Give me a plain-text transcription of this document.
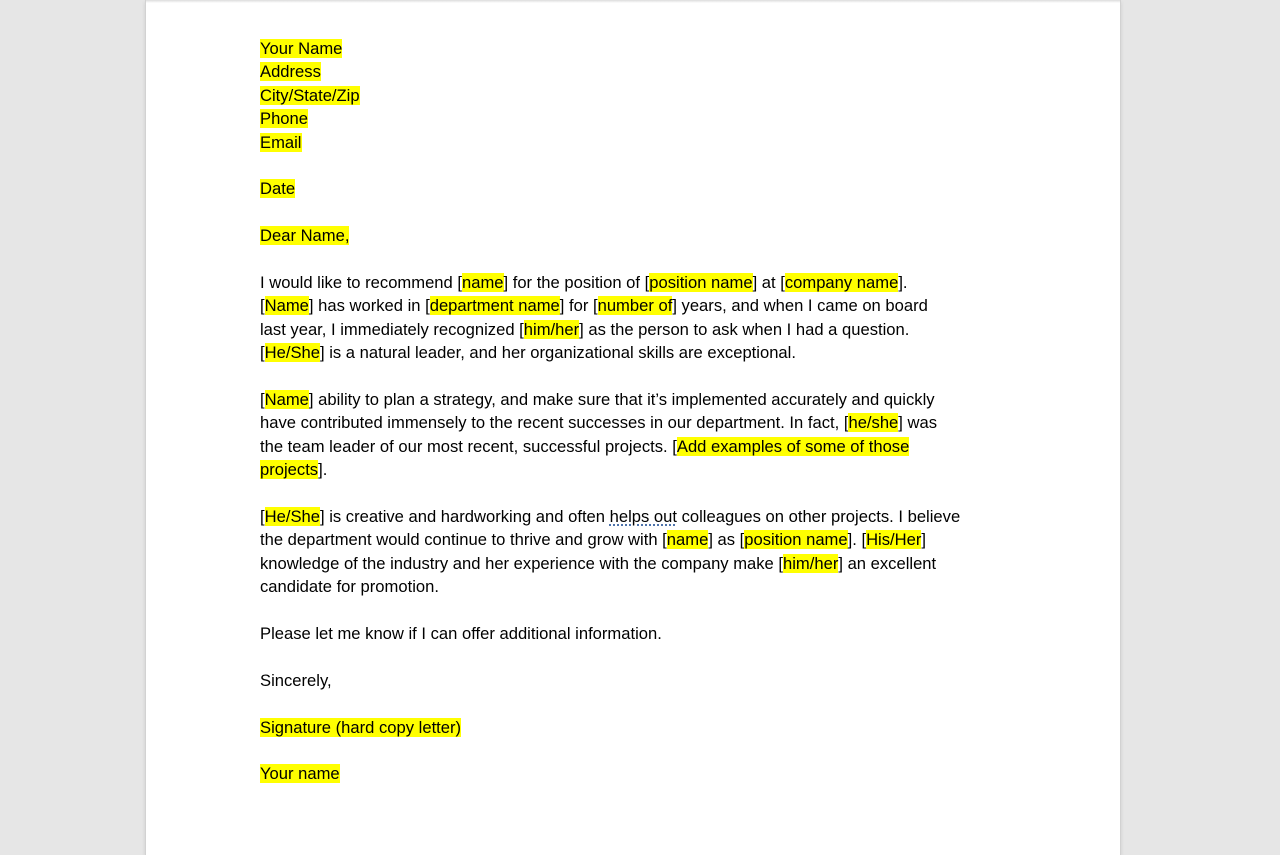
Your Name
Address
City/State/Zip
Phone
Email
Date
Dear Name,
I would like to recommend [name] for the position of [position name] at [company name].
[Name] has worked in [department name] for [number of] years, and when I came on board
last year, I immediately recognized [him/her] as the person to ask when I had a question.
[He/She] is a natural leader, and her organizational skills are exceptional.
[Name] ability to plan a strategy, and make sure that it’s implemented accurately and quickly
have contributed immensely to the recent successes in our department. In fact, [he/she] was
the team leader of our most recent, successful projects. [Add examples of some of those
projects].
[He/She] is creative and hardworking and often helps out colleagues on other projects. I believe
the department would continue to thrive and grow with [name] as [position name]. [His/Her]
knowledge of the industry and her experience with the company make [him/her] an excellent
candidate for promotion.
Please let me know if I can offer additional information.
Sincerely,
Signature (hard copy letter)
Your name
